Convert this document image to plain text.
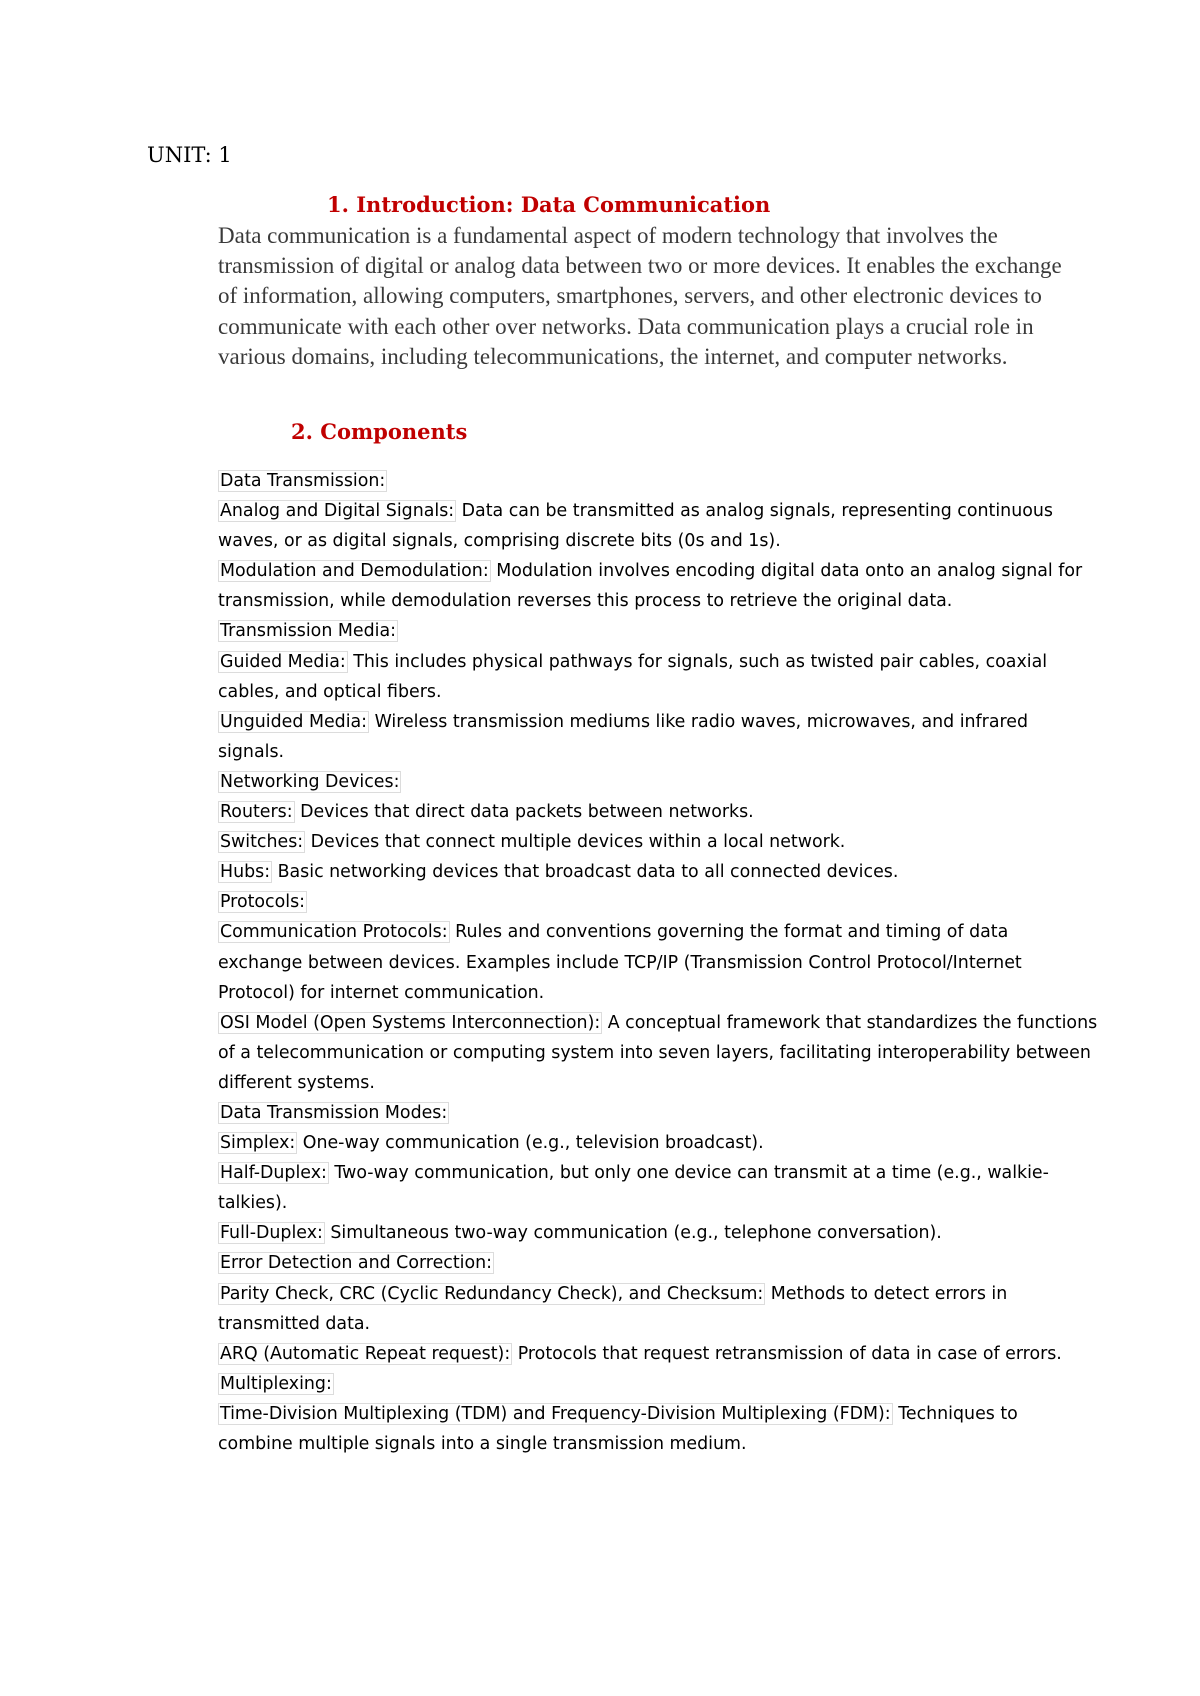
UNIT: 1
1. Introduction: Data Communication
Data communication is a fundamental aspect of modern technology that involves the transmission of digital or analog data between two or more devices. It enables the exchange of information, allowing computers, smartphones, servers, and other electronic devices to communicate with each other over networks. Data communication plays a crucial role in various domains, including telecommunications, the internet, and computer networks.
2. Components

Data Transmission:

Analog and Digital Signals: Data can be transmitted as analog signals, representing continuous waves, or as digital signals, comprising discrete bits (0s and 1s).

Modulation and Demodulation: Modulation involves encoding digital data onto an analog signal for transmission, while demodulation reverses this process to retrieve the original data.

Transmission Media:

Guided Media: This includes physical pathways for signals, such as twisted pair cables, coaxial cables, and optical fibers.

Unguided Media: Wireless transmission mediums like radio waves, microwaves, and infrared signals.

Networking Devices:

Routers: Devices that direct data packets between networks.

Switches: Devices that connect multiple devices within a local network.

Hubs: Basic networking devices that broadcast data to all connected devices.

Protocols:

Communication Protocols: Rules and conventions governing the format and timing of data exchange between devices. Examples include TCP/IP (Transmission Control Protocol/Internet Protocol) for internet communication.

OSI Model (Open Systems Interconnection): A conceptual framework that standardizes the functions of a telecommunication or computing system into seven layers, facilitating interoperability between different systems.

Data Transmission Modes:

Simplex: One-way communication (e.g., television broadcast).

Half-Duplex: Two-way communication, but only one device can transmit at a time (e.g., walkie-talkies).

Full-Duplex: Simultaneous two-way communication (e.g., telephone conversation).

Error Detection and Correction:

Parity Check, CRC (Cyclic Redundancy Check), and Checksum: Methods to detect errors in transmitted data.

ARQ (Automatic Repeat request): Protocols that request retransmission of data in case of errors.

Multiplexing:

Time-Division Multiplexing (TDM) and Frequency-Division Multiplexing (FDM): Techniques to combine multiple signals into a single transmission medium.
